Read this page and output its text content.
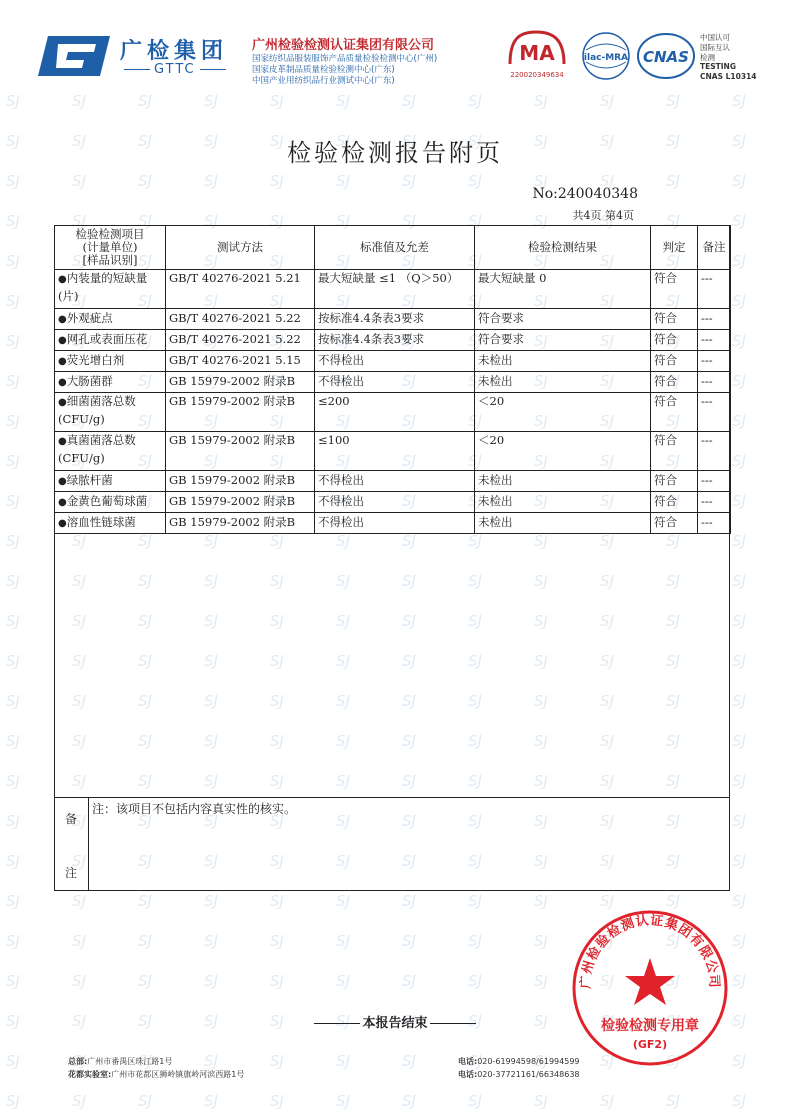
广检集团
GTTC
广州检验检测认证集团有限公司
国家纺织品服装服饰产品质量检验检测中心(广州)
国家皮革制品质量检验检测中心(广东)
中国产业用纺织品行业测试中心(广东)
MA
220020349634
ilac-MRA CNAS
中国认可
国际互认
检测
TESTING
CNAS L10314
检验检测报告附页
No:240040348
共4页 第4页
检验检测项目
(计量单位)
[样品识别]	测试方法	标准值及允差	检验检测结果	判定	备注
●内装量的短缺量(片)	GB/T 40276-2021 5.21	最大短缺量 ≤1 （Q＞50）	最大短缺量 0	符合	---
●外观疵点	GB/T 40276-2021 5.22	按标准4.4条表3要求	符合要求	符合	---
●网孔或表面压花	GB/T 40276-2021 5.22	按标准4.4条表3要求	符合要求	符合	---
●荧光增白剂	GB/T 40276-2021 5.15	不得检出	未检出	符合	---
●大肠菌群	GB 15979-2002 附录B	不得检出	未检出	符合	---
●细菌菌落总数(CFU/g)	GB 15979-2002 附录B	≤200	＜20	符合	---
●真菌菌落总数(CFU/g)	GB 15979-2002 附录B	≤100	＜20	符合	---
●绿脓杆菌	GB 15979-2002 附录B	不得检出	未检出	符合	---
●金黄色葡萄球菌	GB 15979-2002 附录B	不得检出	未检出	符合	---
●溶血性链球菌	GB 15979-2002 附录B	不得检出	未检出	符合	---
备
注
注：该项目不包括内容真实性的核实。
本报告结束
广州检验检测认证集团有限公司
检验检测专用章
(GF2)
总部:广州市番禺区珠江路1号
花都实验室:广州市花都区狮岭镇旗岭河滨西路1号
电话:020-61994598/61994599
电话:020-37721161/66348638
